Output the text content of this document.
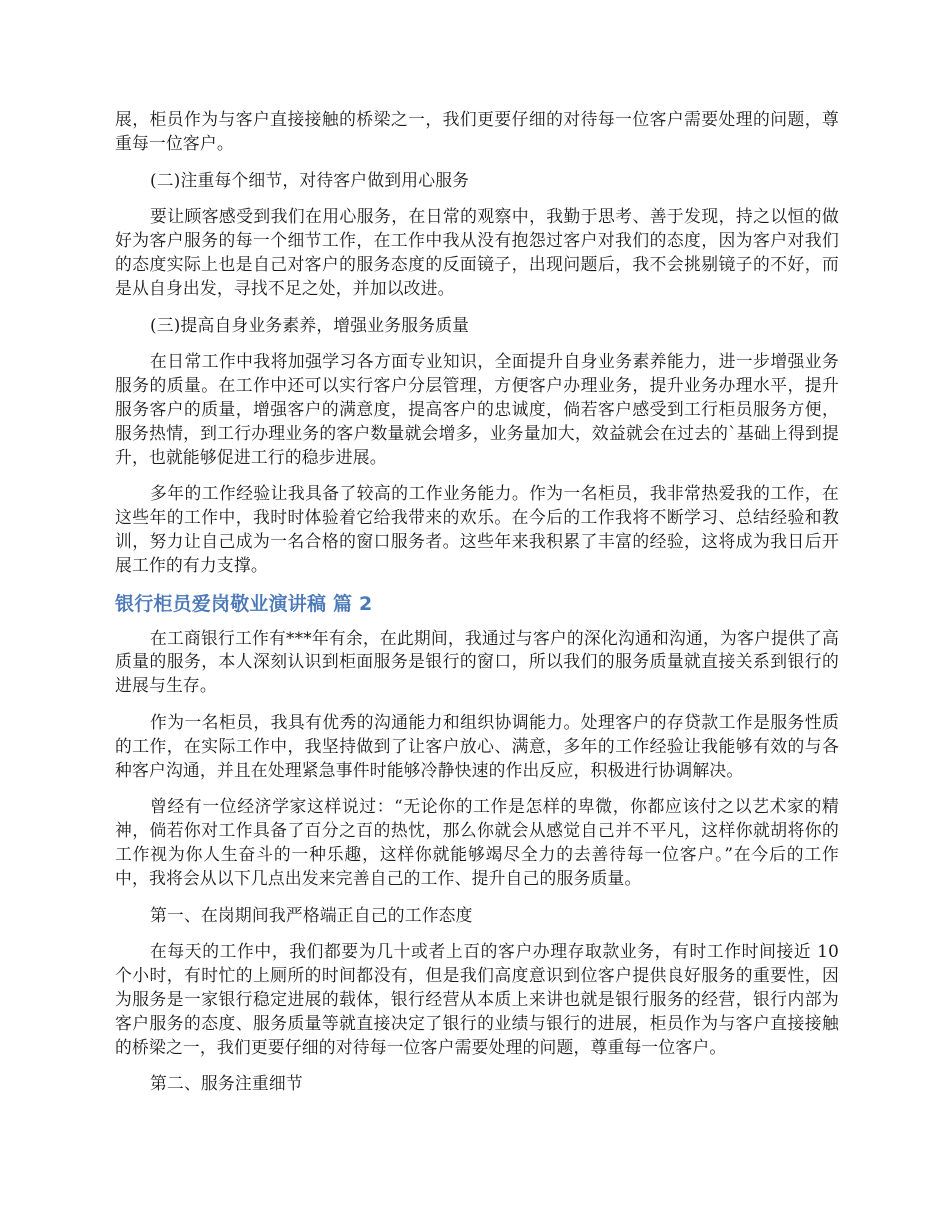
展，柜员作为与客户直接接触的桥梁之一，我们更要仔细的对待每一位客户需要处理的问题，尊重每一位客户。

(二)注重每个细节，对待客户做到用心服务

要让顾客感受到我们在用心服务，在日常的观察中，我勤于思考、善于发现，持之以恒的做好为客户服务的每一个细节工作，在工作中我从没有抱怨过客户对我们的态度，因为客户对我们的态度实际上也是自己对客户的服务态度的反面镜子，出现问题后，我不会挑剔镜子的不好，而是从自身出发，寻找不足之处，并加以改进。

(三)提高自身业务素养，增强业务服务质量

在日常工作中我将加强学习各方面专业知识，全面提升自身业务素养能力，进一步增强业务服务的质量。在工作中还可以实行客户分层管理，方便客户办理业务，提升业务办理水平，提升服务客户的质量，增强客户的满意度，提高客户的忠诚度，倘若客户感受到工行柜员服务方便，服务热情，到工行办理业务的客户数量就会增多，业务量加大，效益就会在过去的`基础上得到提升，也就能够促进工行的稳步进展。

多年的工作经验让我具备了较高的工作业务能力。作为一名柜员，我非常热爱我的工作，在这些年的工作中，我时时体验着它给我带来的欢乐。在今后的工作我将不断学习、总结经验和教训，努力让自己成为一名合格的窗口服务者。这些年来我积累了丰富的经验，这将成为我日后开展工作的有力支撑。

银行柜员爱岗敬业演讲稿 篇 2

在工商银行工作有***年有余，在此期间，我通过与客户的深化沟通和沟通，为客户提供了高质量的服务，本人深刻认识到柜面服务是银行的窗口，所以我们的服务质量就直接关系到银行的进展与生存。

作为一名柜员，我具有优秀的沟通能力和组织协调能力。处理客户的存贷款工作是服务性质的工作，在实际工作中，我坚持做到了让客户放心、满意，多年的工作经验让我能够有效的与各种客户沟通，并且在处理紧急事件时能够冷静快速的作出反应，积极进行协调解决。

曾经有一位经济学家这样说过：“无论你的工作是怎样的卑微，你都应该付之以艺术家的精神，倘若你对工作具备了百分之百的热忱，那么你就会从感觉自己并不平凡，这样你就胡将你的工作视为你人生奋斗的一种乐趣，这样你就能够竭尽全力的去善待每一位客户。”在今后的工作中，我将会从以下几点出发来完善自己的工作、提升自己的服务质量。

第一、在岗期间我严格端正自己的工作态度

在每天的工作中，我们都要为几十或者上百的客户办理存取款业务，有时工作时间接近 10 个小时，有时忙的上厕所的时间都没有，但是我们高度意识到位客户提供良好服务的重要性，因为服务是一家银行稳定进展的载体，银行经营从本质上来讲也就是银行服务的经营，银行内部为客户服务的态度、服务质量等就直接决定了银行的业绩与银行的进展，柜员作为与客户直接接触的桥梁之一，我们更要仔细的对待每一位客户需要处理的问题，尊重每一位客户。

第二、服务注重细节
